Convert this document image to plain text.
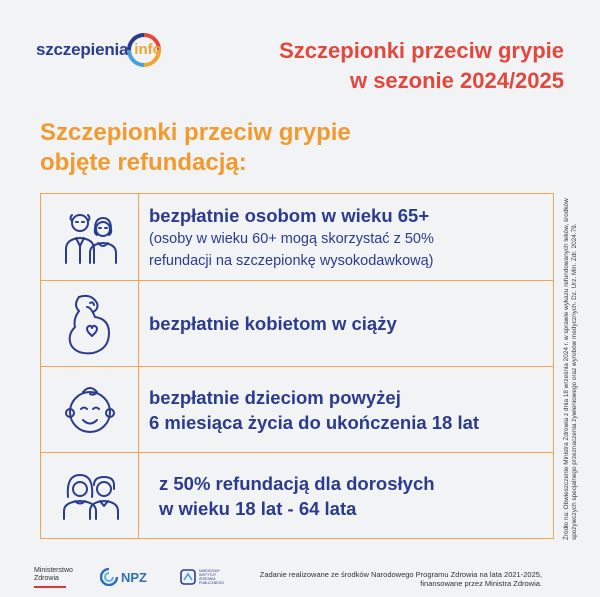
szczepienia info	Szczepionki przeciw grypie
w sezonie 2024/2025
Szczepionki przeciw grypie
objęte refundacją:
bezpłatnie osobom w wieku 65+
(osoby w wieku 60+ mogą skorzystać z 50%
refundacji na szczepionkę wysokodawkową)
bezpłatnie kobietom w ciąży
bezpłatnie dzieciom powyżej
6 miesiąca życia do ukończenia 18 lat
z 50% refundacją dla dorosłych
w wieku 18 lat - 64 lata	Źródło na: Obwieszczenie Ministra Zdrowia z dnia 18 września 2024 r. w sprawie wykazu refundowanych leków, środków spożywczych specjalnego przeznaczenia żywieniowego oraz wyrobów medycznych. Dz. Urz. Min. Zdr. 2024.79.
Ministerstwo
Zdrowia	NPZ	NARODOWY INSTYTUT ZDROWIA PUBLICZNEGO
Zadanie realizowane ze środków Narodowego Programu Zdrowia na lata 2021-2025,
finansowane przez Ministra Zdrowia.
